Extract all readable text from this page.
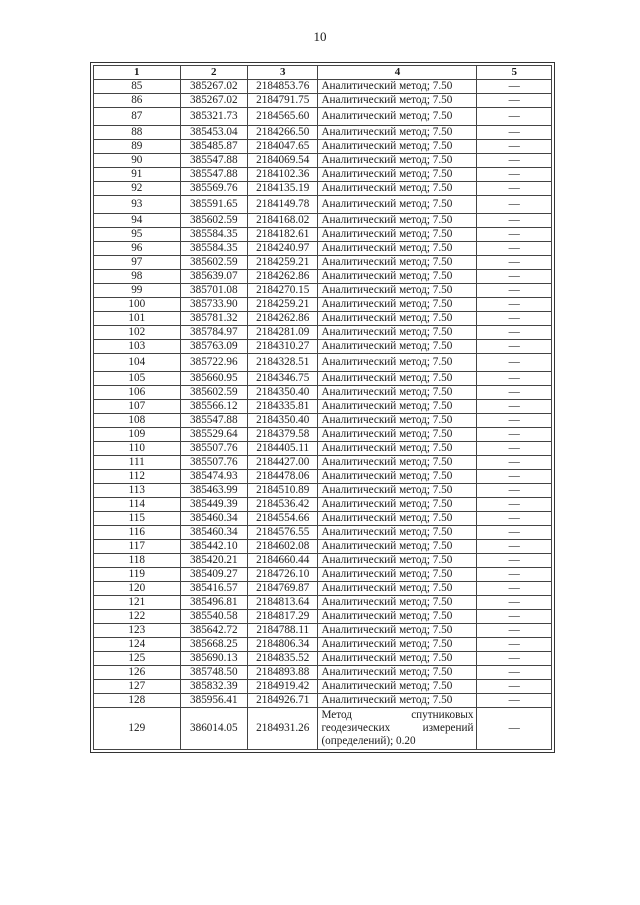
10
1	2	3	4	5
85	385267.02	2184853.76	Аналитический метод; 7.50	—
86	385267.02	2184791.75	Аналитический метод; 7.50	—
87	385321.73	2184565.60	Аналитический метод; 7.50	—
88	385453.04	2184266.50	Аналитический метод; 7.50	—
89	385485.87	2184047.65	Аналитический метод; 7.50	—
90	385547.88	2184069.54	Аналитический метод; 7.50	—
91	385547.88	2184102.36	Аналитический метод; 7.50	—
92	385569.76	2184135.19	Аналитический метод; 7.50	—
93	385591.65	2184149.78	Аналитический метод; 7.50	—
94	385602.59	2184168.02	Аналитический метод; 7.50	—
95	385584.35	2184182.61	Аналитический метод; 7.50	—
96	385584.35	2184240.97	Аналитический метод; 7.50	—
97	385602.59	2184259.21	Аналитический метод; 7.50	—
98	385639.07	2184262.86	Аналитический метод; 7.50	—
99	385701.08	2184270.15	Аналитический метод; 7.50	—
100	385733.90	2184259.21	Аналитический метод; 7.50	—
101	385781.32	2184262.86	Аналитический метод; 7.50	—
102	385784.97	2184281.09	Аналитический метод; 7.50	—
103	385763.09	2184310.27	Аналитический метод; 7.50	—
104	385722.96	2184328.51	Аналитический метод; 7.50	—
105	385660.95	2184346.75	Аналитический метод; 7.50	—
106	385602.59	2184350.40	Аналитический метод; 7.50	—
107	385566.12	2184335.81	Аналитический метод; 7.50	—
108	385547.88	2184350.40	Аналитический метод; 7.50	—
109	385529.64	2184379.58	Аналитический метод; 7.50	—
110	385507.76	2184405.11	Аналитический метод; 7.50	—
111	385507.76	2184427.00	Аналитический метод; 7.50	—
112	385474.93	2184478.06	Аналитический метод; 7.50	—
113	385463.99	2184510.89	Аналитический метод; 7.50	—
114	385449.39	2184536.42	Аналитический метод; 7.50	—
115	385460.34	2184554.66	Аналитический метод; 7.50	—
116	385460.34	2184576.55	Аналитический метод; 7.50	—
117	385442.10	2184602.08	Аналитический метод; 7.50	—
118	385420.21	2184660.44	Аналитический метод; 7.50	—
119	385409.27	2184726.10	Аналитический метод; 7.50	—
120	385416.57	2184769.87	Аналитический метод; 7.50	—
121	385496.81	2184813.64	Аналитический метод; 7.50	—
122	385540.58	2184817.29	Аналитический метод; 7.50	—
123	385642.72	2184788.11	Аналитический метод; 7.50	—
124	385668.25	2184806.34	Аналитический метод; 7.50	—
125	385690.13	2184835.52	Аналитический метод; 7.50	—
126	385748.50	2184893.88	Аналитический метод; 7.50	—
127	385832.39	2184919.42	Аналитический метод; 7.50	—
128	385956.41	2184926.71	Аналитический метод; 7.50	—
129	386014.05	2184931.26	Метод спутниковых геодезических измерений (определений); 0.20	—
